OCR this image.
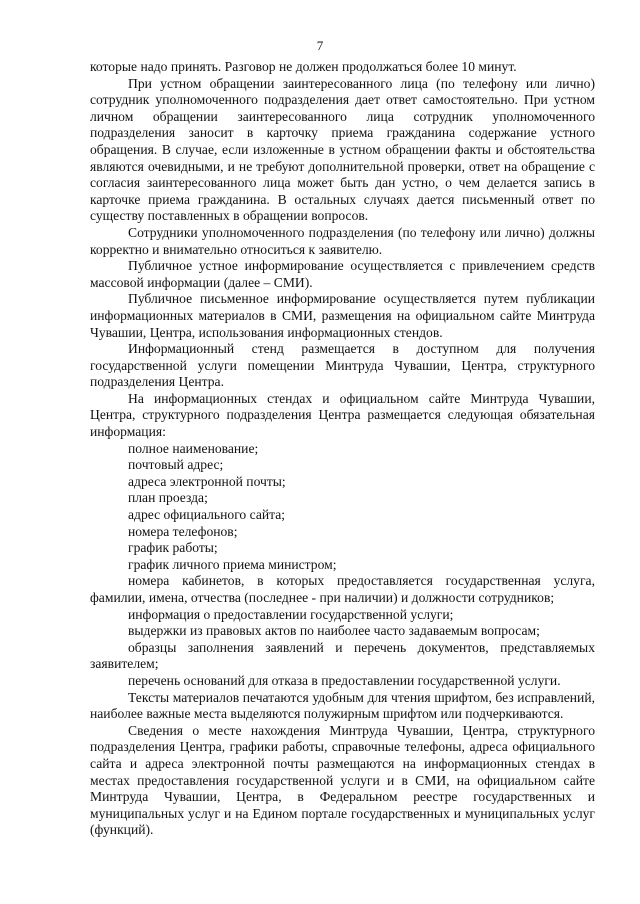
7

которые надо принять. Разговор не должен продолжаться более 10 минут.

При устном обращении заинтересованного лица (по телефону или лично) сотрудник уполномоченного подразделения дает ответ самостоятельно. При устном личном обращении заинтересованного лица сотрудник уполномоченного подразделения заносит в карточку приема гражданина содержание устного обращения. В случае, если изложенные в устном обращении факты и обстоятельства являются очевидными, и не требуют дополнительной проверки, ответ на обращение с согласия заинтересованного лица может быть дан устно, о чем делается запись в карточке приема гражданина. В остальных случаях дается письменный ответ по существу поставленных в обращении вопросов.

Сотрудники уполномоченного подразделения (по телефону или лично) должны корректно и внимательно относиться к заявителю.

Публичное устное информирование осуществляется с привлечением средств массовой информации (далее – СМИ).

Публичное письменное информирование осуществляется путем публикации информационных материалов в СМИ, размещения на официальном сайте Минтруда Чувашии, Центра, использования информационных стендов.

Информационный стенд размещается в доступном для получения государственной услуги помещении Минтруда Чувашии, Центра, структурного подразделения Центра.

На информационных стендах и официальном сайте Минтруда Чувашии, Центра, структурного подразделения Центра размещается следующая обязательная информация:

полное наименование;

почтовый адрес;

адреса электронной почты;

план проезда;

адрес официального сайта;

номера телефонов;

график работы;

график личного приема министром;

номера кабинетов, в которых предоставляется государственная услуга, фамилии, имена, отчества (последнее - при наличии) и должности сотрудников;

информация о предоставлении государственной услуги;

выдержки из правовых актов по наиболее часто задаваемым вопросам;

образцы заполнения заявлений и перечень документов, представляемых заявителем;

перечень оснований для отказа в предоставлении государственной услуги.

Тексты материалов печатаются удобным для чтения шрифтом, без исправлений, наиболее важные места выделяются полужирным шрифтом или подчеркиваются.

Сведения о месте нахождения Минтруда Чувашии, Центра, структурного подразделения Центра, графики работы, справочные телефоны, адреса официального сайта и адреса электронной почты размещаются на информационных стендах в местах предоставления государственной услуги и в СМИ, на официальном сайте Минтруда Чувашии, Центра, в Федеральном реестре государственных и муниципальных услуг и на Едином портале государственных и муниципальных услуг (функций).
